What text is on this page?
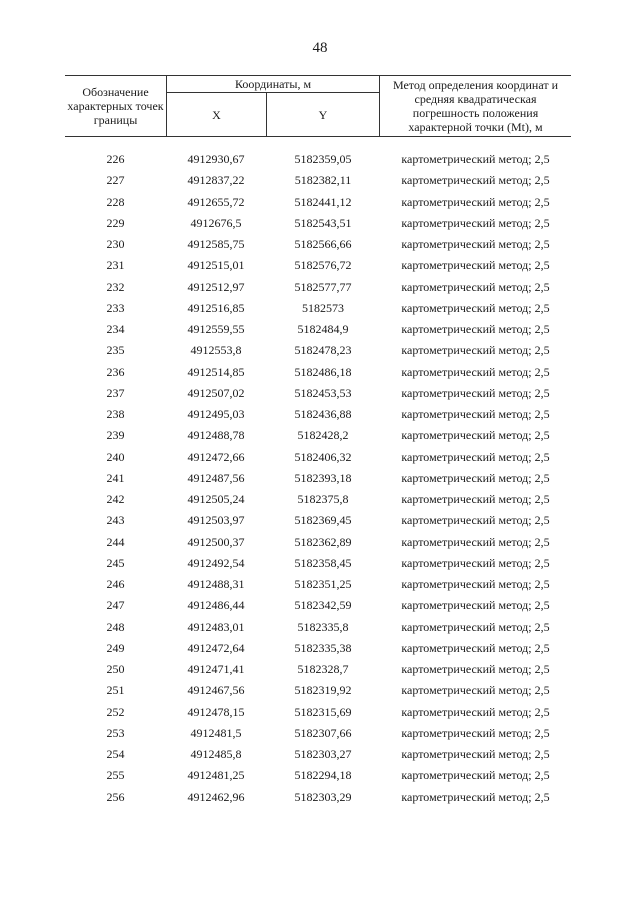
48
Обозначение характерных точек границы
Координаты, м
X	Y
Метод определения координат и средняя квадратическая погрешность положения характерной точки (Mt), м
226	4912930,67	5182359,05	картометрический метод; 2,5
227	4912837,22	5182382,11	картометрический метод; 2,5
228	4912655,72	5182441,12	картометрический метод; 2,5
229	4912676,5	5182543,51	картометрический метод; 2,5
230	4912585,75	5182566,66	картометрический метод; 2,5
231	4912515,01	5182576,72	картометрический метод; 2,5
232	4912512,97	5182577,77	картометрический метод; 2,5
233	4912516,85	5182573	картометрический метод; 2,5
234	4912559,55	5182484,9	картометрический метод; 2,5
235	4912553,8	5182478,23	картометрический метод; 2,5
236	4912514,85	5182486,18	картометрический метод; 2,5
237	4912507,02	5182453,53	картометрический метод; 2,5
238	4912495,03	5182436,88	картометрический метод; 2,5
239	4912488,78	5182428,2	картометрический метод; 2,5
240	4912472,66	5182406,32	картометрический метод; 2,5
241	4912487,56	5182393,18	картометрический метод; 2,5
242	4912505,24	5182375,8	картометрический метод; 2,5
243	4912503,97	5182369,45	картометрический метод; 2,5
244	4912500,37	5182362,89	картометрический метод; 2,5
245	4912492,54	5182358,45	картометрический метод; 2,5
246	4912488,31	5182351,25	картометрический метод; 2,5
247	4912486,44	5182342,59	картометрический метод; 2,5
248	4912483,01	5182335,8	картометрический метод; 2,5
249	4912472,64	5182335,38	картометрический метод; 2,5
250	4912471,41	5182328,7	картометрический метод; 2,5
251	4912467,56	5182319,92	картометрический метод; 2,5
252	4912478,15	5182315,69	картометрический метод; 2,5
253	4912481,5	5182307,66	картометрический метод; 2,5
254	4912485,8	5182303,27	картометрический метод; 2,5
255	4912481,25	5182294,18	картометрический метод; 2,5
256	4912462,96	5182303,29	картометрический метод; 2,5
